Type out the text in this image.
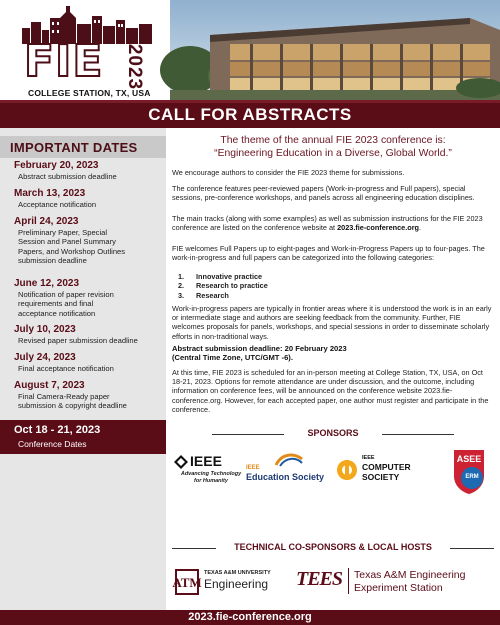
FIE 2023
COLLEGE STATION, TX, USA
CALL FOR ABSTRACTS
IMPORTANT DATES
February 20, 2023
Abstract submission deadline
March 13, 2023
Acceptance notification
April 24, 2023
Preliminary Paper, Special
Session and Panel Summary
Papers, and Workshop Outlines
submission deadline
June 12, 2023
Notification of paper revision
requirements and final
acceptance notification
July 10, 2023
Revised paper submission deadline
July 24, 2023
Final acceptance notification
August 7, 2023
Final Camera-Ready paper
submission & copyright deadline
Oct 18 - 21, 2023
Conference Dates
The theme of the annual FIE 2023 conference is:
“Engineering Education in a Diverse, Global World.”
We encourage authors to consider the FIE 2023 theme for submissions.
The conference features peer-reviewed papers (Work-in-progress and Full papers), special sessions, pre-conference workshops, and panels across all engineering education disciplines.
The main tracks (along with some examples) as well as submission instructions for the FIE 2023 conference are listed on the conference website at 2023.fie-conference.org.
FIE welcomes Full Papers up to eight-pages and Work-in-Progress Papers up to four-pages. The work-in-progress and full papers can be categorized into the following categories:
1. Innovative practice
2. Research to practice
3. Research
Work-in-progress papers are typically in frontier areas where it is understood the work is in an early or intermediate stage and authors are seeking feedback from the community. Further, FIE welcomes proposals for panels, workshops, and special sessions in order to disseminate scholarly efforts in non-traditional ways.
Abstract submission deadline: 20 February 2023
(Central Time Zone, UTC/GMT -6).
At this time, FIE 2023 is scheduled for an in-person meeting at College Station, TX, USA, on Oct 18-21, 2023. Options for remote attendance are under discussion, and the outcome, including information on conference fees, will be announced on the conference website 2023.fie-conference.org. However, for each accepted paper, one author must register and participate in the conference.
SPONSORS
IEEE
Advancing Technology
for Humanity
IEEE
Education Society
IEEE
COMPUTER
SOCIETY
ASEE
ERM
TECHNICAL CO-SPONSORS & LOCAL HOSTS
ATM
TEXAS A&M UNIVERSITY
Engineering TEES Texas A&M Engineering
Experiment Station
2023.fie-conference.org
